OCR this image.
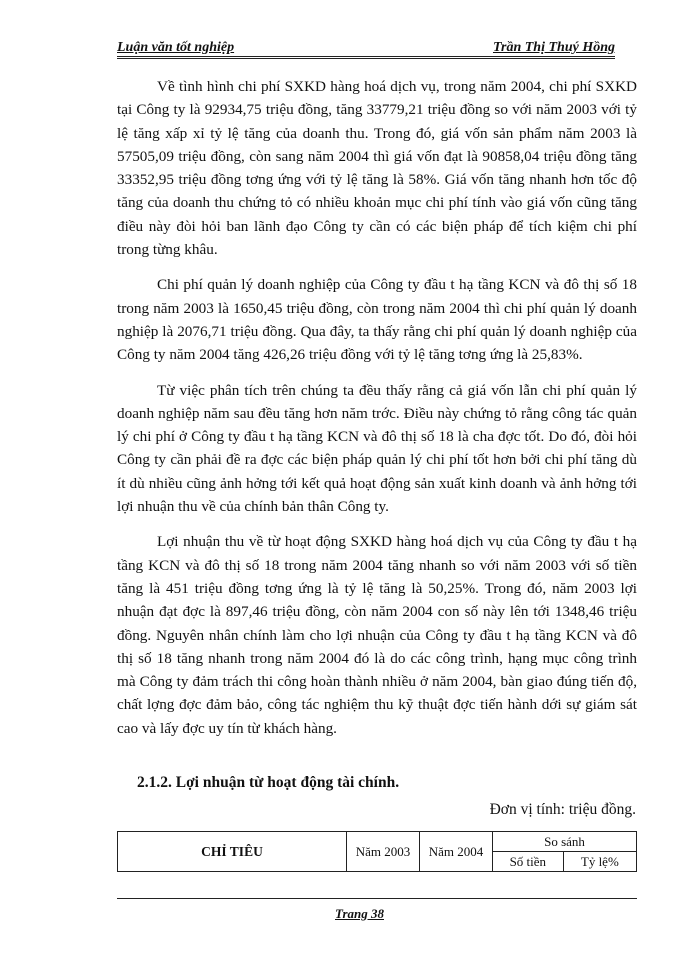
Luận văn tốt nghiệp	Trần Thị Thuý Hồng

Về tình hình chi phí SXKD hàng hoá dịch vụ, trong năm 2004, chi phí SXKD tại Công ty là 92934,75 triệu đồng, tăng 33779,21 triệu đồng so với năm 2003 với tỷ lệ tăng xấp xỉ tỷ lệ tăng của doanh thu. Trong đó, giá vốn sản phẩm năm 2003 là 57505,09 triệu đồng, còn sang năm 2004 thì giá vốn đạt là 90858,04 triệu đồng tăng 33352,95 triệu đồng tơng ứng với tỷ lệ tăng là 58%. Giá vốn tăng nhanh hơn tốc độ tăng của doanh thu chứng tỏ có nhiều khoản mục chi phí tính vào giá vốn cũng tăng điều này đòi hỏi ban lãnh đạo Công ty cần có các biện pháp để tích kiệm chi phí trong từng khâu.

Chi phí quản lý doanh nghiệp của Công ty đầu t hạ tầng KCN và đô thị số 18 trong năm 2003 là 1650,45 triệu đồng, còn trong năm 2004 thì chi phí quản lý doanh nghiệp là 2076,71 triệu đồng. Qua đây, ta thấy rằng chi phí quản lý doanh nghiệp của Công ty năm 2004 tăng 426,26 triệu đồng với tỷ lệ tăng tơng ứng là 25,83%.

Từ việc phân tích trên chúng ta đều thấy rằng cả giá vốn lẫn chi phí quản lý doanh nghiệp năm sau đều tăng hơn năm trớc. Điều này chứng tỏ rằng công tác quản lý chi phí ở Công ty đầu t hạ tầng KCN và đô thị số 18 là cha đợc tốt. Do đó, đòi hỏi Công ty cần phải đề ra đợc các biện pháp quản lý chi phí tốt hơn bởi chi phí tăng dù ít dù nhiều cũng ảnh hởng tới kết quả hoạt động sản xuất kinh doanh và ảnh hởng tới lợi nhuận thu về của chính bản thân Công ty.

Lợi nhuận thu về từ hoạt động SXKD hàng hoá dịch vụ của Công ty đầu t hạ tầng KCN và đô thị số 18 trong năm 2004 tăng nhanh so với năm 2003 với số tiền tăng là 451 triệu đồng tơng ứng là tỷ lệ tăng là 50,25%. Trong đó, năm 2003 lợi nhuận đạt đợc là 897,46 triệu đồng, còn năm 2004 con số này lên tới 1348,46 triệu đồng. Nguyên nhân chính làm cho lợi nhuận của Công ty đầu t hạ tầng KCN và đô thị số 18 tăng nhanh trong năm 2004 đó là do các công trình, hạng mục công trình mà Công ty đảm trách thi công hoàn thành nhiều ở năm 2004, bàn giao đúng tiến độ, chất lợng đợc đảm bảo, công tác nghiệm thu kỹ thuật đợc tiến hành dới sự giám sát cao và lấy đợc uy tín từ khách hàng.

2.1.2. Lợi nhuận từ hoạt động tài chính.
Đơn vị tính: triệu đồng.
CHỈ TIÊU	Năm 2003	Năm 2004	So sánh	
			Số tiền	Tỷ lệ%
Trang 38
